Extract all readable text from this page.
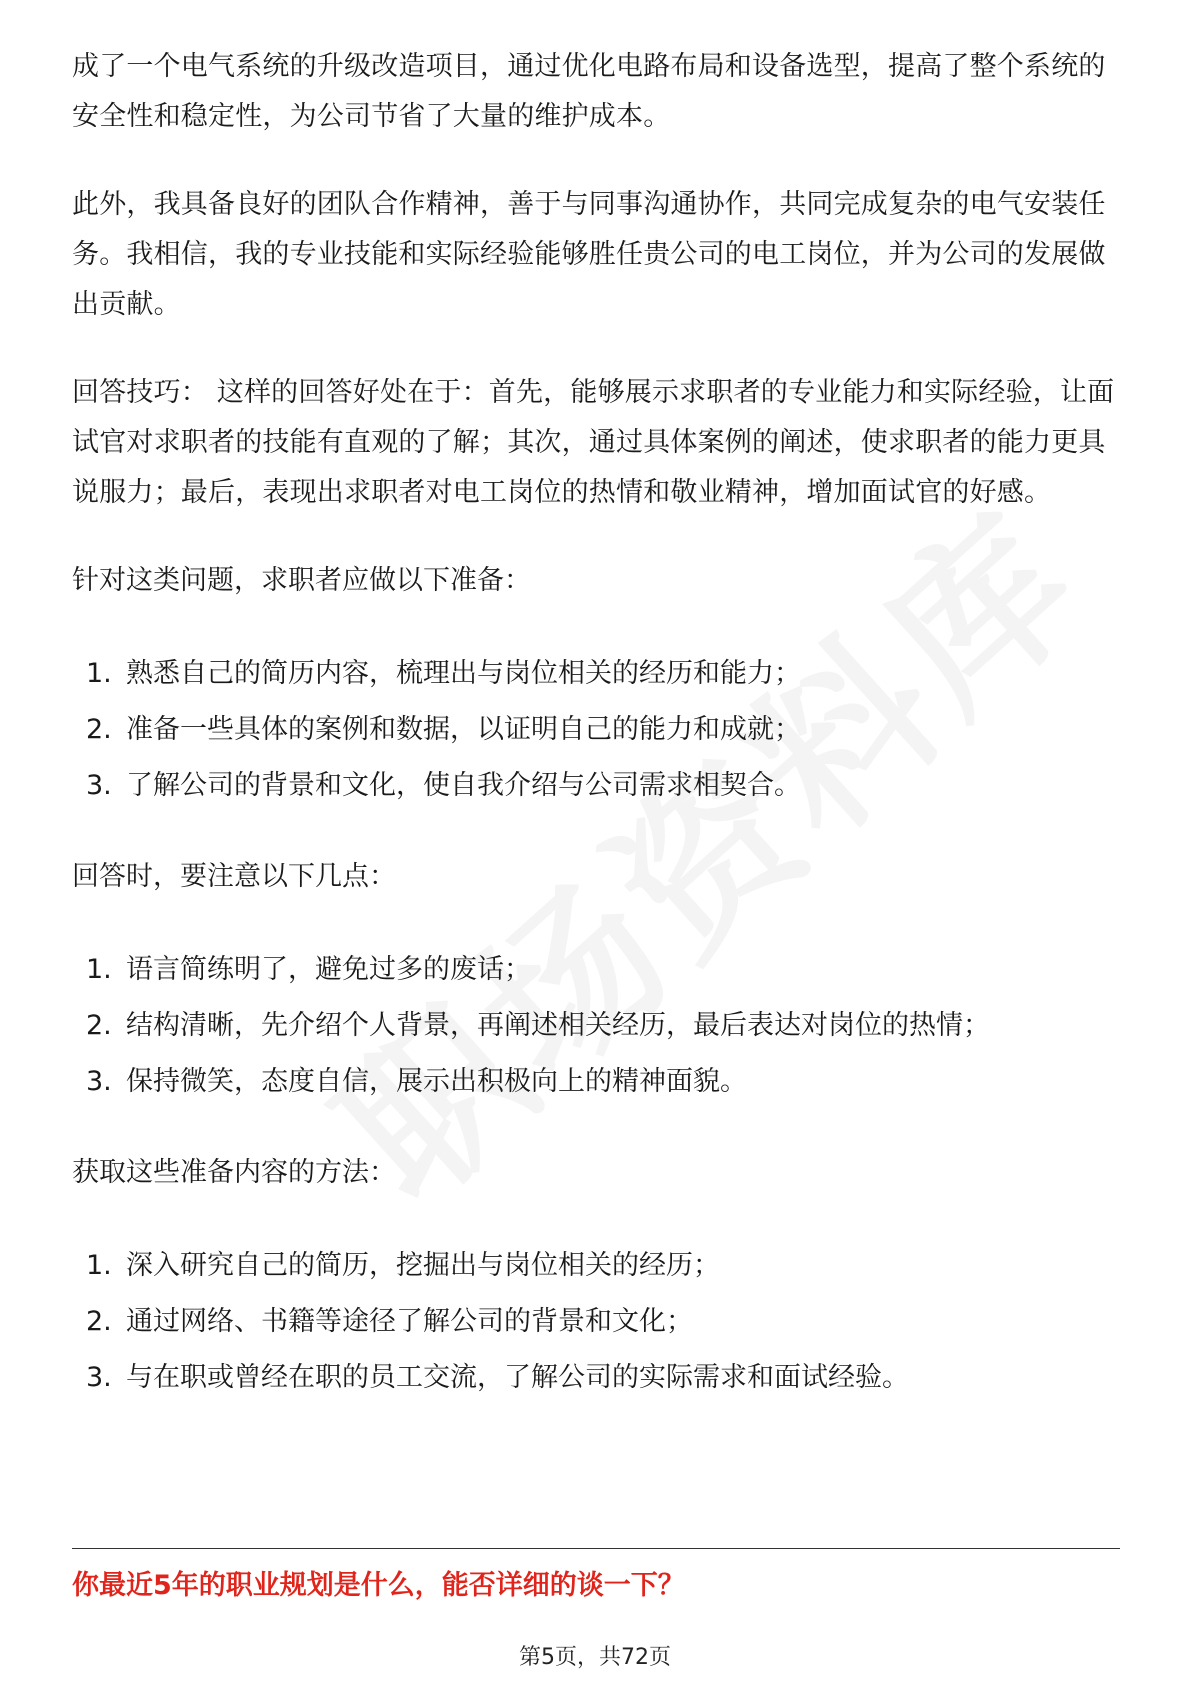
成了一个电气系统的升级改造项目，通过优化电路布局和设备选型，提高了整个系统的安全性和稳定性，为公司节省了大量的维护成本。

此外，我具备良好的团队合作精神，善于与同事沟通协作，共同完成复杂的电气安装任务。我相信，我的专业技能和实际经验能够胜任贵公司的电工岗位，并为公司的发展做出贡献。

回答技巧： 这样的回答好处在于：首先，能够展示求职者的专业能力和实际经验，让面试官对求职者的技能有直观的了解；其次，通过具体案例的阐述，使求职者的能力更具说服力；最后，表现出求职者对电工岗位的热情和敬业精神，增加面试官的好感。

针对这类问题，求职者应做以下准备：

1. 熟悉自己的简历内容，梳理出与岗位相关的经历和能力；
2. 准备一些具体的案例和数据，以证明自己的能力和成就；
3. 了解公司的背景和文化，使自我介绍与公司需求相契合。

回答时，要注意以下几点：

1. 语言简练明了，避免过多的废话；
2. 结构清晰，先介绍个人背景，再阐述相关经历，最后表达对岗位的热情；
3. 保持微笑，态度自信，展示出积极向上的精神面貌。

获取这些准备内容的方法：

1. 深入研究自己的简历，挖掘出与岗位相关的经历；
2. 通过网络、书籍等途径了解公司的背景和文化；
3. 与在职或曾经在职的员工交流，了解公司的实际需求和面试经验。
你最近5年的职业规划是什么，能否详细的谈一下？
第5页，共72页
